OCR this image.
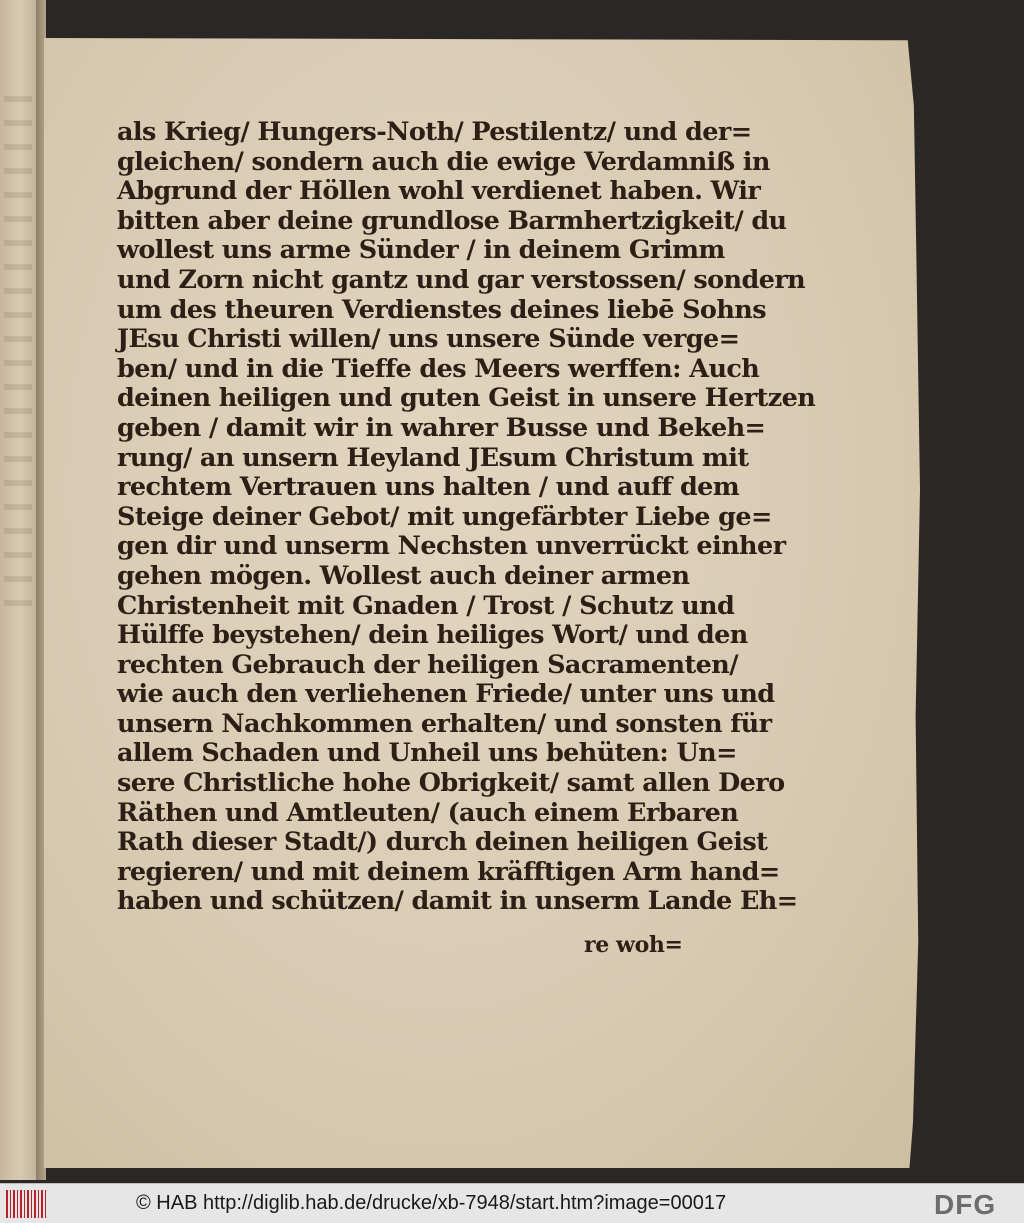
als Krieg/ Hungers-Noth/ Pestilentz/ und der=
gleichen/ sondern auch die ewige Verdamniß in
Abgrund der Höllen wohl verdienet haben. Wir
bitten aber deine grundlose Barmhertzigkeit/ du
wollest uns arme Sünder / in deinem Grimm
und Zorn nicht gantz und gar verstossen/ sondern
um des theuren Verdienstes deines liebē Sohns
JEsu Christi willen/ uns unsere Sünde verge=
ben/ und in die Tieffe des Meers werffen: Auch
deinen heiligen und guten Geist in unsere Hertzen
geben / damit wir in wahrer Busse und Bekeh=
rung/ an unsern Heyland JEsum Christum mit
rechtem Vertrauen uns halten / und auff dem
Steige deiner Gebot/ mit ungefärbter Liebe ge=
gen dir und unserm Nechsten unverrückt einher
gehen mögen. Wollest auch deiner armen
Christenheit mit Gnaden / Trost / Schutz und
Hülffe beystehen/ dein heiliges Wort/ und den
rechten Gebrauch der heiligen Sacramenten/
wie auch den verliehenen Friede/ unter uns und
unsern Nachkommen erhalten/ und sonsten für
allem Schaden und Unheil uns behüten: Un=
sere Christliche hohe Obrigkeit/ samt allen Dero
Räthen und Amtleuten/ (auch einem Erbaren
Rath dieser Stadt/) durch deinen heiligen Geist
regieren/ und mit deinem kräfftigen Arm hand=
haben und schützen/ damit in unserm Lande Eh=
re woh=
© HAB http://diglib.hab.de/drucke/xb-7948/start.htm?image=00017	DFG
